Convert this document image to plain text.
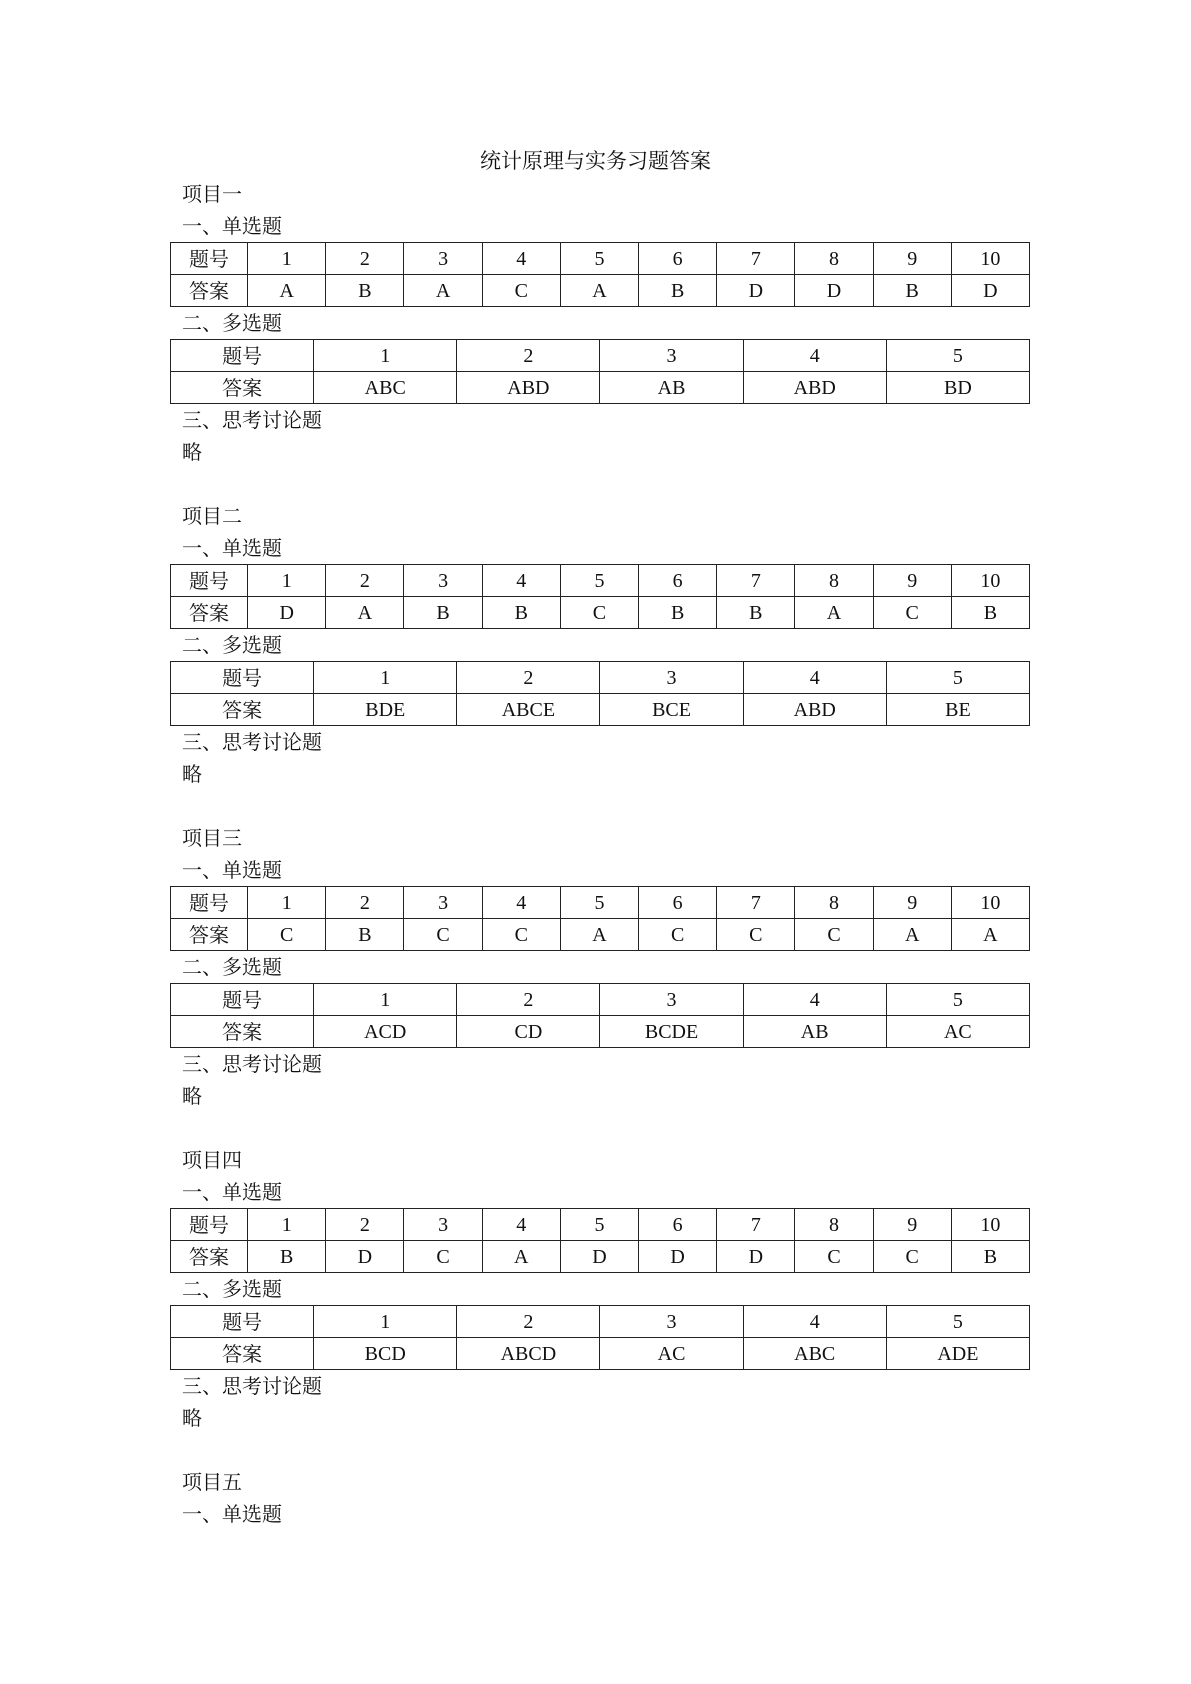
统计原理与实务习题答案
项目一
一、单选题
题号	1	2	3	4	5	6	7	8	9	10
答案	A	B	A	C	A	B	D	D	B	D
二、多选题
题号	1	2	3	4	5
答案	ABC	ABD	AB	ABD	BD
三、思考讨论题
略
项目二
一、单选题
题号	1	2	3	4	5	6	7	8	9	10
答案	D	A	B	B	C	B	B	A	C	B
二、多选题
题号	1	2	3	4	5
答案	BDE	ABCE	BCE	ABD	BE
三、思考讨论题
略
项目三
一、单选题
题号	1	2	3	4	5	6	7	8	9	10
答案	C	B	C	C	A	C	C	C	A	A
二、多选题
题号	1	2	3	4	5
答案	ACD	CD	BCDE	AB	AC
三、思考讨论题
略
项目四
一、单选题
题号	1	2	3	4	5	6	7	8	9	10
答案	B	D	C	A	D	D	D	C	C	B
二、多选题
题号	1	2	3	4	5
答案	BCD	ABCD	AC	ABC	ADE
三、思考讨论题
略
项目五
一、单选题
